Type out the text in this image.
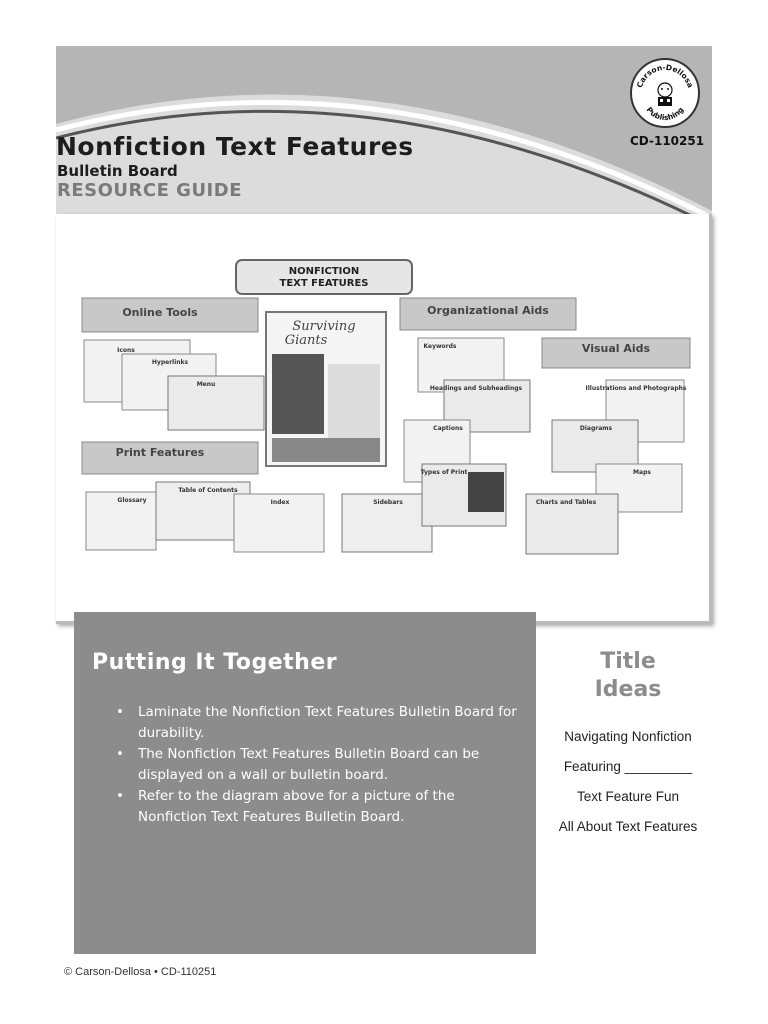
Nonfiction Text Features
Bulletin Board
RESOURCE GUIDE
Carson-Dellosa
Publishing
CD-110251
NONFICTION
TEXT FEATURES
Online Tools
Icons
Hyperlinks
Menu
Print Features
Glossary
Table of Contents
Index
Surviving
Giants
Sidebars
Organizational Aids
Keywords
Headings and Subheadings
Captions
Types of Print
Visual Aids
Illustrations and Photographs
Diagrams
Maps
Charts and Tables
Putting It Together
• Laminate the Nonfiction Text Features Bulletin Board for durability.
• The Nonfiction Text Features Bulletin Board can be displayed on a wall or bulletin board.
• Refer to the diagram above for a picture of the Nonfiction Text Features Bulletin Board.
Title
Ideas
Navigating Nonfiction
Featuring _________
Text Feature Fun
All About Text Features
© Carson-Dellosa • CD-110251
